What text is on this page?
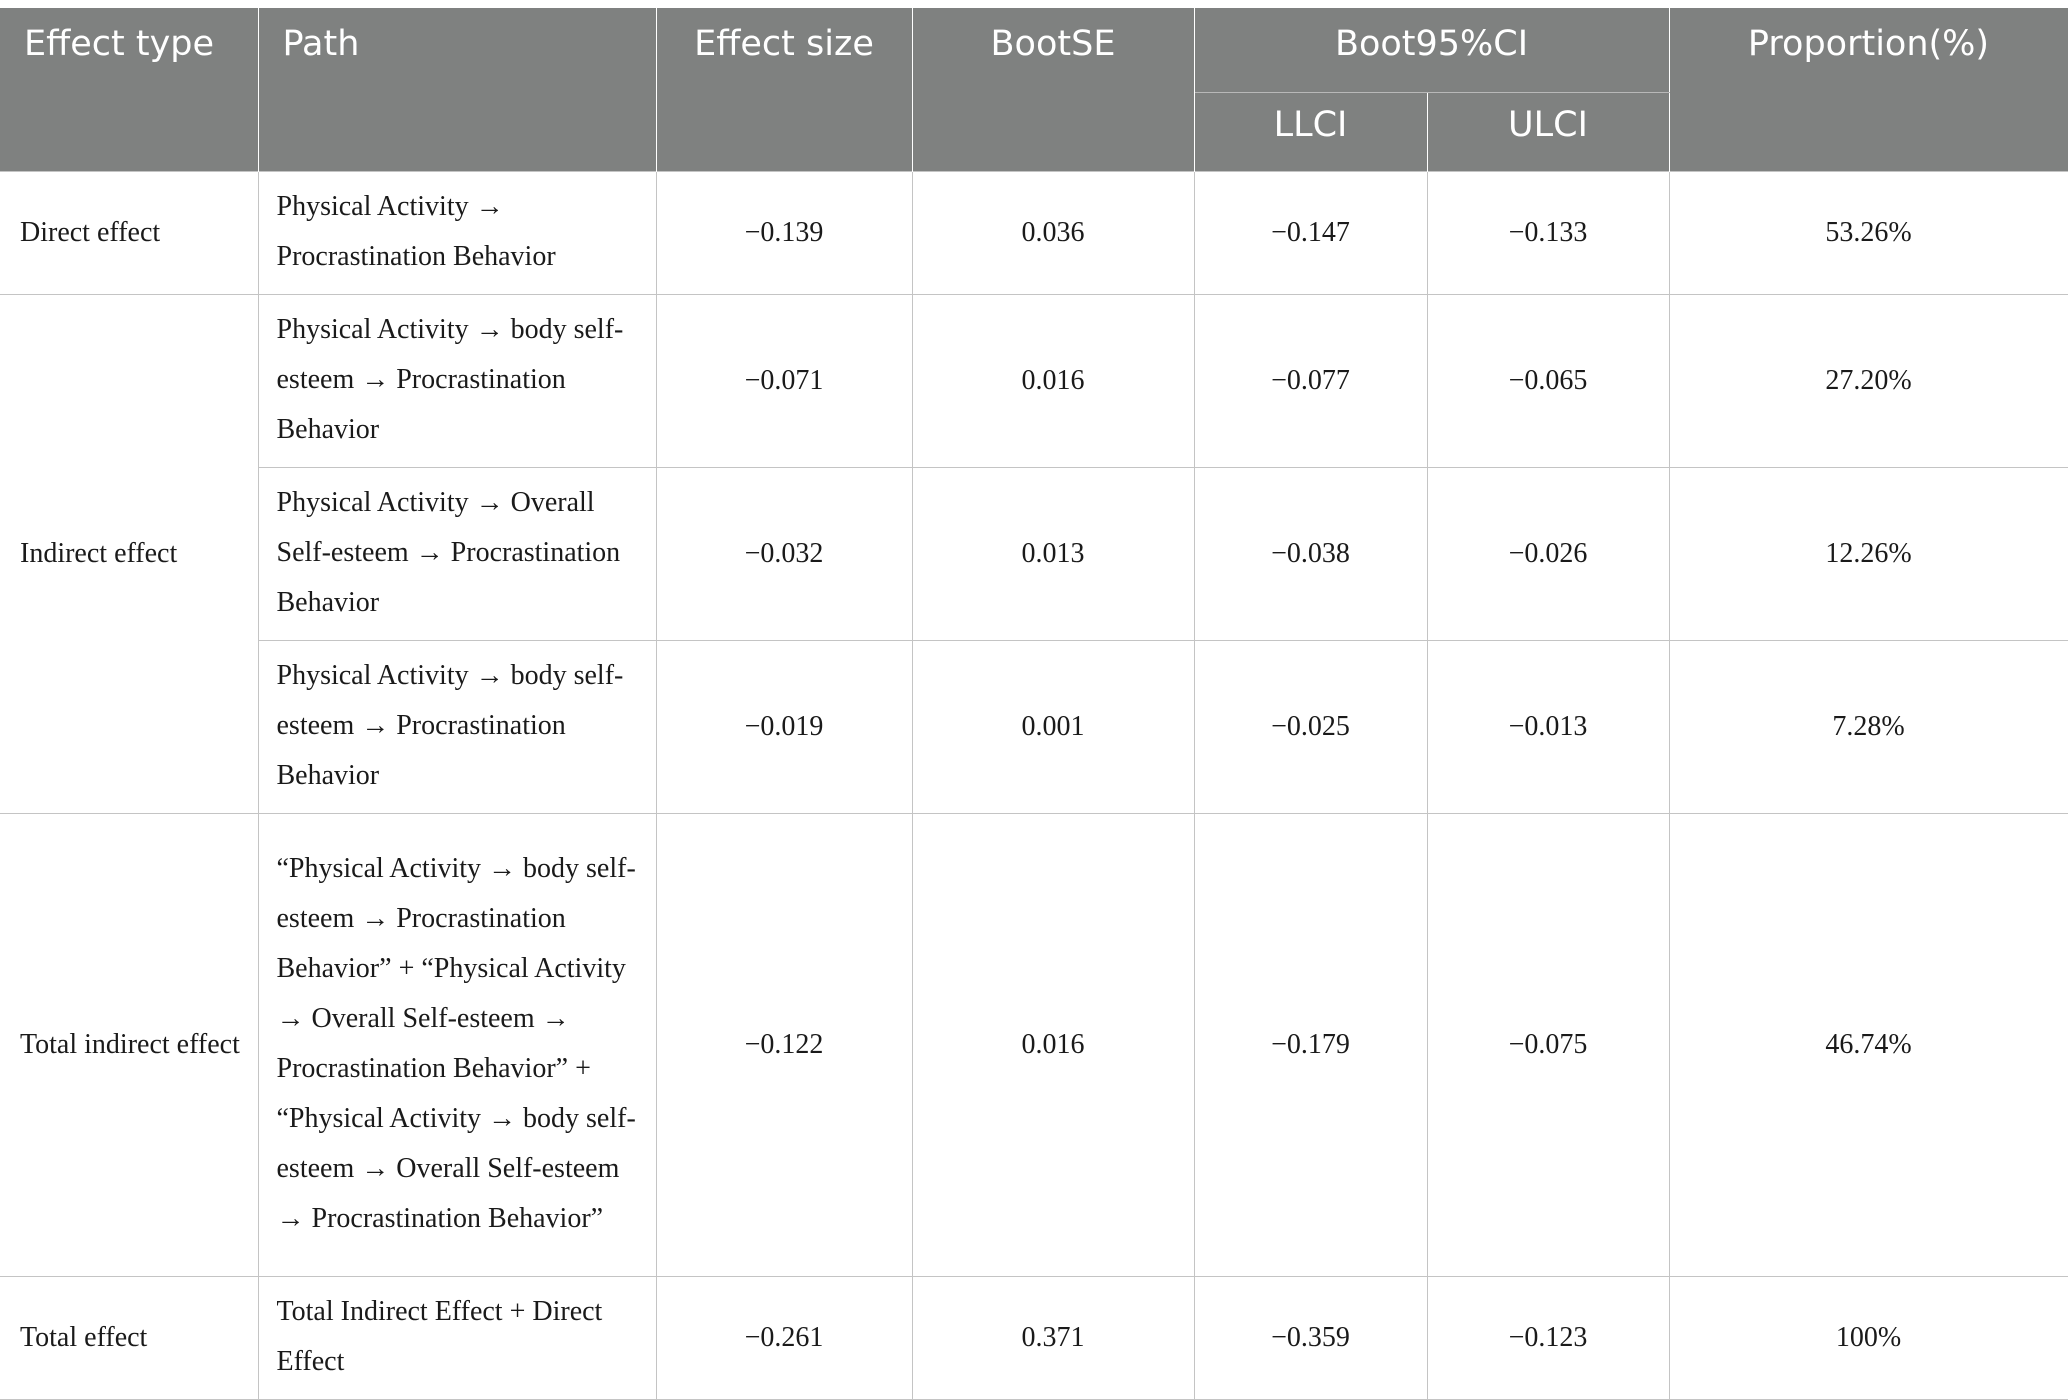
Effect type	Path	Effect size	BootSE	Boot95%CI		Proportion(%)
				LLCI	ULCI	
Direct effect	Physical Activity → Procrastination Behavior	−0.139	0.036	−0.147	−0.133	53.26%
Indirect effect	Physical Activity → body self-esteem → Procrastination Behavior	−0.071	0.016	−0.077	−0.065	27.20%
	Physical Activity → Overall Self-esteem → Procrastination Behavior	−0.032	0.013	−0.038	−0.026	12.26%
	Physical Activity → body self-esteem → Procrastination Behavior	−0.019	0.001	−0.025	−0.013	7.28%
Total indirect effect	“Physical Activity → body self-esteem → Procrastination Behavior” + “Physical Activity → Overall Self-esteem → Procrastination Behavior” + “Physical Activity → body self-esteem → Overall Self-esteem → Procrastination Behavior”	−0.122	0.016	−0.179	−0.075	46.74%
Total effect	Total Indirect Effect + Direct Effect	−0.261	0.371	−0.359	−0.123	100%
